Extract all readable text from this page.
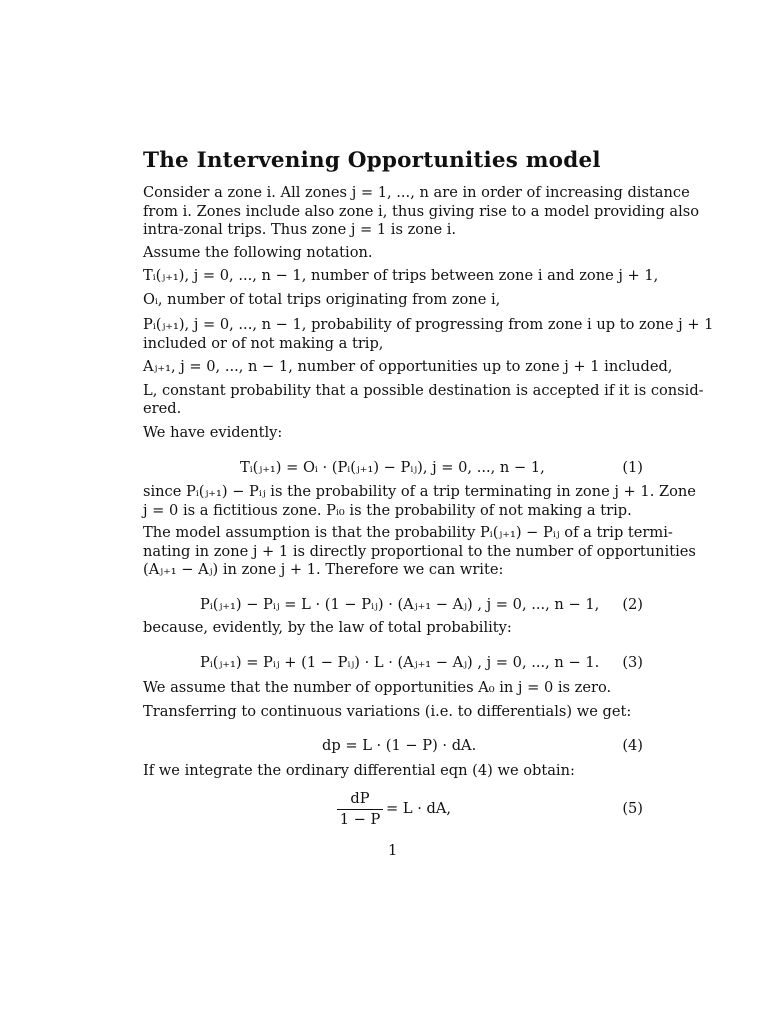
The Intervening Opportunities model
Consider a zone i. All zones j = 1, ..., n are in order of increasing distance
from i. Zones include also zone i, thus giving rise to a model providing also
intra-zonal trips. Thus zone j = 1 is zone i.
Assume the following notation.
Tᵢ(ⱼ₊₁), j = 0, ..., n − 1, number of trips between zone i and zone j + 1,
Oᵢ, number of total trips originating from zone i,
Pᵢ(ⱼ₊₁), j = 0, ..., n − 1, probability of progressing from zone i up to zone j + 1
included or of not making a trip,
Aⱼ₊₁, j = 0, ..., n − 1, number of opportunities up to zone j + 1 included,
L, constant probability that a possible destination is accepted if it is consid-
ered.
We have evidently:
Tᵢ(ⱼ₊₁) = Oᵢ · (Pᵢ(ⱼ₊₁) − Pᵢⱼ), j = 0, ..., n − 1,	(1)
since Pᵢ(ⱼ₊₁) − Pᵢⱼ is the probability of a trip terminating in zone j + 1. Zone
j = 0 is a fictitious zone. Pᵢ₀ is the probability of not making a trip.
The model assumption is that the probability Pᵢ(ⱼ₊₁) − Pᵢⱼ of a trip termi-
nating in zone j + 1 is directly proportional to the number of opportunities
(Aⱼ₊₁ − Aⱼ) in zone j + 1. Therefore we can write:
Pᵢ(ⱼ₊₁) − Pᵢⱼ = L · (1 − Pᵢⱼ) · (Aⱼ₊₁ − Aⱼ) , j = 0, ..., n − 1, (2)
because, evidently, by the law of total probability:
Pᵢ(ⱼ₊₁) = Pᵢⱼ + (1 − Pᵢⱼ) · L · (Aⱼ₊₁ − Aⱼ) , j = 0, ..., n − 1. (3)
We assume that the number of opportunities A₀ in j = 0 is zero.
Transferring to continuous variations (i.e. to differentials) we get:
dp = L · (1 − P) · dA.	(4)
If we integrate the ordinary differential eqn (4) we obtain:
dP
1 − P
= L · dA,	(5)
1
